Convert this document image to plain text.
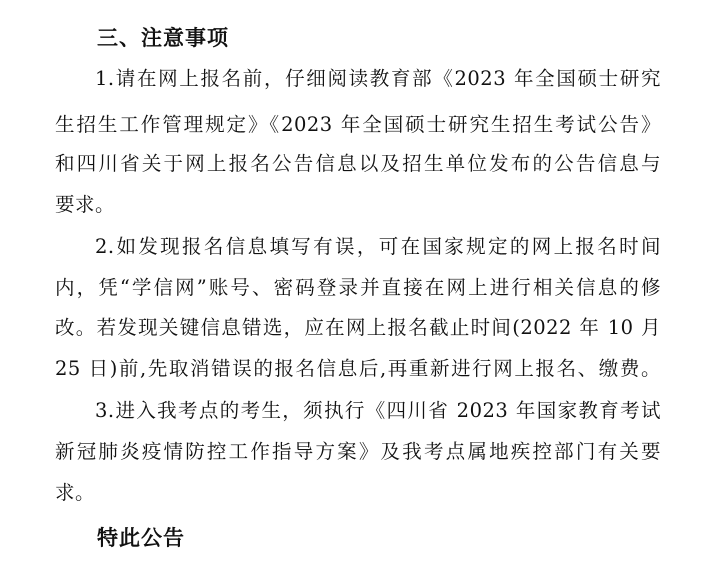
三、注意事项
1.请在网上报名前，仔细阅读教育部《2023 年全国硕士研究
生招生工作管理规定》《2023 年全国硕士研究生招生考试公告》
和四川省关于网上报名公告信息以及招生单位发布的公告信息与
要求。
2.如发现报名信息填写有误，可在国家规定的网上报名时间
内，凭“学信网”账号、密码登录并直接在网上进行相关信息的修
改。若发现关键信息错选，应在网上报名截止时间(2022 年 10 月
25 日)前,先取消错误的报名信息后,再重新进行网上报名、缴费。
3.进入我考点的考生，须执行《四川省 2023 年国家教育考试
新冠肺炎疫情防控工作指导方案》及我考点属地疾控部门有关要
求。
特此公告
